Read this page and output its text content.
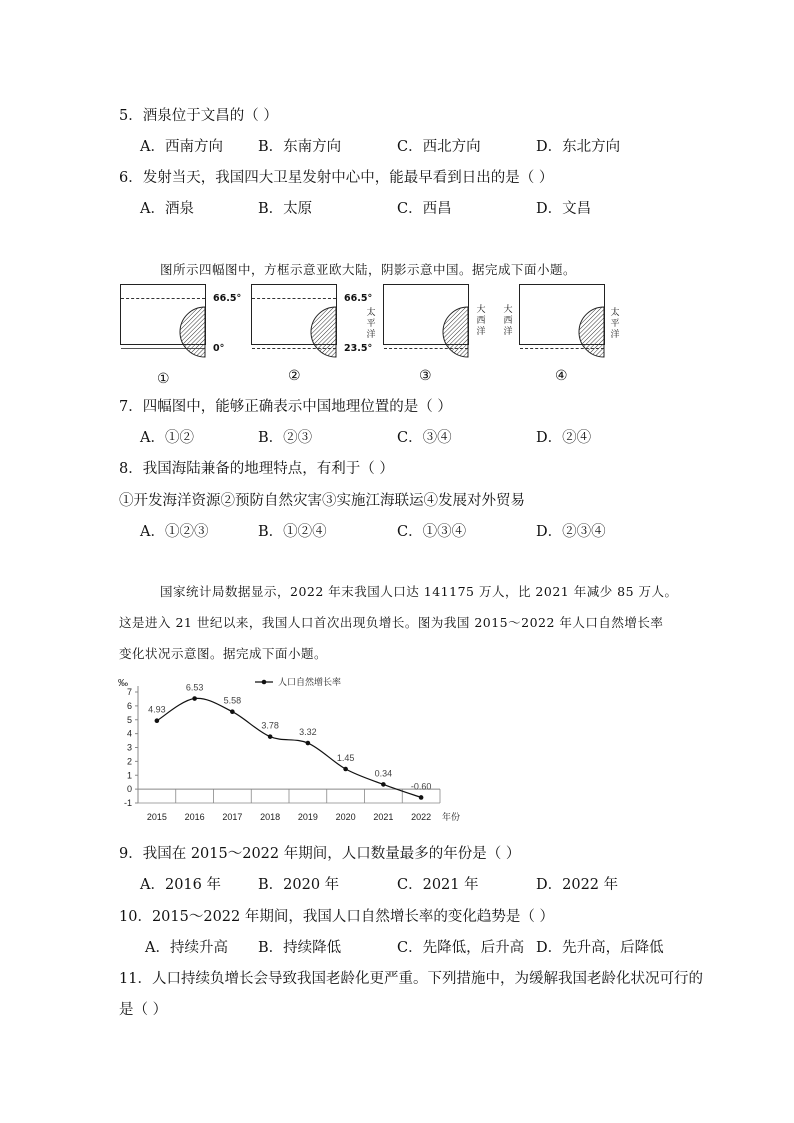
5．酒泉位于文昌的（ ）
A．西南方向 B．东南方向	C．西北方向	D．东北方向
6．发射当天，我国四大卫星发射中心中，能最早看到日出的是（ ）
A．酒泉	B．太原	C．西昌	D．文昌
图所示四幅图中，方框示意亚欧大陆，阴影示意中国。据完成下面小题。
66.5°
0°
①
66.5°
23.5°
太平洋
②
大西洋
③
大西洋
太平洋
④
7．四幅图中，能够正确表示中国地理位置的是（ ）
A．①②	B．②③	C．③④	D．②④
8．我国海陆兼备的地理特点，有利于（ ）
①开发海洋资源②预防自然灾害③实施江海联运④发展对外贸易
A．①②③	B．①②④	C．①③④	D．②③④
国家统计局数据显示，2022 年末我国人口达 141175 万人，比 2021 年减少 85 万人。
这是进入 21 世纪以来，我国人口首次出现负增长。图为我国 2015～2022 年人口自然增长率
变化状况示意图。据完成下面小题。
-1
0
1
2
3
4
5
6
7
‰
2015 2016 2017 2018 2019 2020 2021 2022 年份
4.93
6.53
5.58
3.78
3.32
1.45
0.34
-0.60
人口自然增长率
9．我国在 2015～2022 年期间，人口数量最多的年份是（ ）
A．2016 年	B．2020 年	C．2021 年	D．2022 年
10．2015～2022 年期间，我国人口自然增长率的变化趋势是（ ）
A．持续升高 B．持续降低	C．先降低，后升高 D．先升高，后降低
11．人口持续负增长会导致我国老龄化更严重。下列措施中，为缓解我国老龄化状况可行的
是（ ）
